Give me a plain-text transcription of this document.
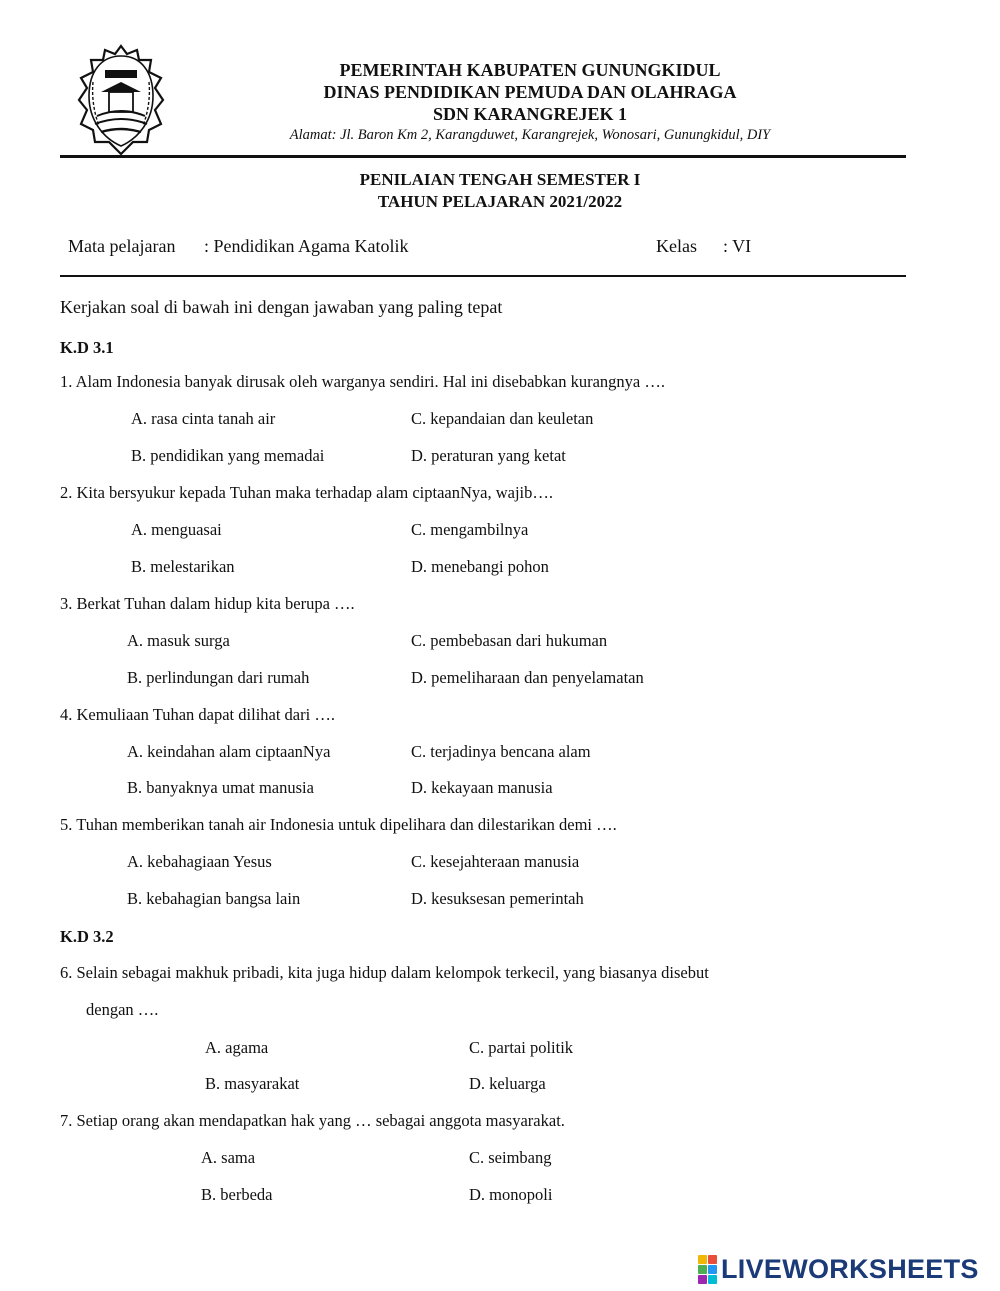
PEMERINTAH KABUPATEN GUNUNGKIDUL
DINAS PENDIDIKAN PEMUDA DAN OLAHRAGA
SDN KARANGREJEK 1
Alamat: Jl. Baron Km 2, Karangduwet, Karangrejek, Wonosari, Gunungkidul, DIY
PENILAIAN TENGAH SEMESTER I
TAHUN PELAJARAN 2021/2022
Mata pelajaran : Pendidikan Agama Katolik	Kelas : VI
Kerjakan soal di bawah ini dengan jawaban yang paling tepat
K.D 3.1
1. Alam Indonesia banyak dirusak oleh warganya sendiri. Hal ini disebabkan kurangnya ….
A. rasa cinta tanah air	C. kepandaian dan keuletan
B. pendidikan yang memadai	D. peraturan yang ketat
2. Kita bersyukur kepada Tuhan maka terhadap alam ciptaanNya, wajib….
A. menguasai	C. mengambilnya
B. melestarikan	D. menebangi pohon
3. Berkat Tuhan dalam hidup kita berupa ….
A. masuk surga	C. pembebasan dari hukuman
B. perlindungan dari rumah	D. pemeliharaan dan penyelamatan
4. Kemuliaan Tuhan dapat dilihat dari ….
A. keindahan alam ciptaanNya	C. terjadinya bencana alam
B. banyaknya umat manusia	D. kekayaan manusia
5. Tuhan memberikan tanah air Indonesia untuk dipelihara dan dilestarikan demi ….
A. kebahagiaan Yesus	C. kesejahteraan manusia
B. kebahagian bangsa lain	D. kesuksesan pemerintah
K.D 3.2
6. Selain sebagai makhuk pribadi, kita juga hidup dalam kelompok terkecil, yang biasanya disebut
dengan ….
A. agama	C. partai politik
B. masyarakat	D. keluarga
7. Setiap orang akan mendapatkan hak yang … sebagai anggota masyarakat.
A. sama	C. seimbang
B. berbeda	D. monopoli
LIVEWORKSHEETS
